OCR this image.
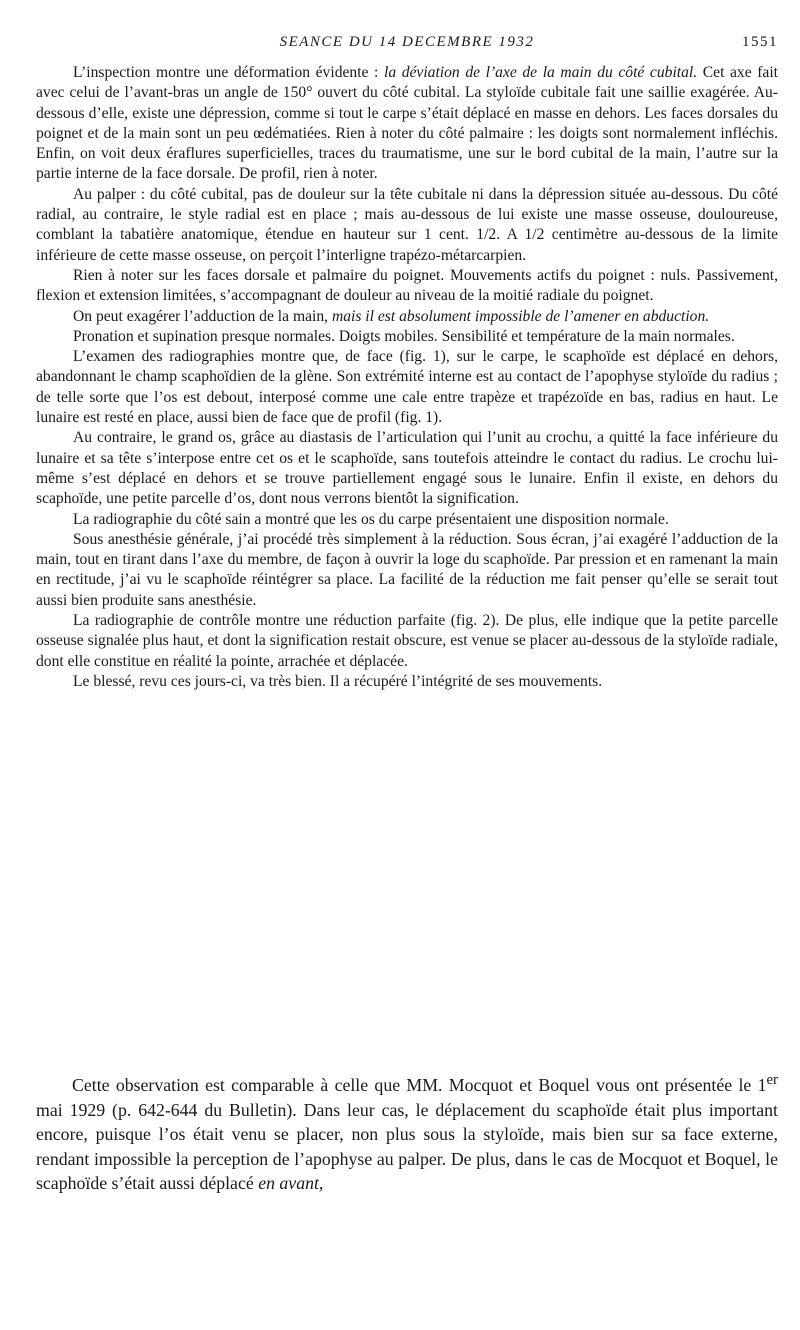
SEANCE DU 14 DECEMBRE 1932	1551

L’inspection montre une déformation évidente : la déviation de l’axe de la main du côté cubital. Cet axe fait avec celui de l’avant-bras un angle de 150° ouvert du côté cubital. La styloïde cubitale fait une saillie exagérée. Au-dessous d’elle, existe une dépression, comme si tout le carpe s’était déplacé en masse en dehors. Les faces dorsales du poignet et de la main sont un peu œdématiées. Rien à noter du côté palmaire : les doigts sont normalement infléchis. Enfin, on voit deux éraflures superficielles, traces du traumatisme, une sur le bord cubital de la main, l’autre sur la partie interne de la face dorsale. De profil, rien à noter.

Au palper : du côté cubital, pas de douleur sur la tête cubitale ni dans la dépression située au-dessous. Du côté radial, au contraire, le style radial est en place ; mais au-dessous de lui existe une masse osseuse, douloureuse, comblant la tabatière anatomique, étendue en hauteur sur 1 cent. 1/2. A 1/2 centimètre au-dessous de la limite inférieure de cette masse osseuse, on perçoit l’interligne trapézo-métarcarpien.

Rien à noter sur les faces dorsale et palmaire du poignet. Mouvements actifs du poignet : nuls. Passivement, flexion et extension limitées, s’accompagnant de douleur au niveau de la moitié radiale du poignet.

On peut exagérer l’adduction de la main, mais il est absolument impossible de l’amener en abduction.

Pronation et supination presque normales. Doigts mobiles. Sensibilité et température de la main normales.

L’examen des radiographies montre que, de face (fig. 1), sur le carpe, le scaphoïde est déplacé en dehors, abandonnant le champ scaphoïdien de la glène. Son extrémité interne est au contact de l’apophyse styloïde du radius ; de telle sorte que l’os est debout, interposé comme une cale entre trapèze et trapézoïde en bas, radius en haut. Le lunaire est resté en place, aussi bien de face que de profil (fig. 1).

Au contraire, le grand os, grâce au diastasis de l’articulation qui l’unit au crochu, a quitté la face inférieure du lunaire et sa tête s’interpose entre cet os et le scaphoïde, sans toutefois atteindre le contact du radius. Le crochu lui-même s’est déplacé en dehors et se trouve partiellement engagé sous le lunaire. Enfin il existe, en dehors du scaphoïde, une petite parcelle d’os, dont nous verrons bientôt la signification.

La radiographie du côté sain a montré que les os du carpe présentaient une disposition normale.

Sous anesthésie générale, j’ai procédé très simplement à la réduction. Sous écran, j’ai exagéré l’adduction de la main, tout en tirant dans l’axe du membre, de façon à ouvrir la loge du scaphoïde. Par pression et en ramenant la main en rectitude, j’ai vu le scaphoïde réintégrer sa place. La facilité de la réduction me fait penser qu’elle se serait tout aussi bien produite sans anesthésie.

La radiographie de contrôle montre une réduction parfaite (fig. 2). De plus, elle indique que la petite parcelle osseuse signalée plus haut, et dont la signification restait obscure, est venue se placer au-dessous de la styloïde radiale, dont elle constitue en réalité la pointe, arrachée et déplacée.

Le blessé, revu ces jours-ci, va très bien. Il a récupéré l’intégrité de ses mouvements.

Cette observation est comparable à celle que MM. Mocquot et Boquel vous ont présentée le 1er mai 1929 (p. 642-644 du Bulletin). Dans leur cas, le déplacement du scaphoïde était plus important encore, puisque l’os était venu se placer, non plus sous la styloïde, mais bien sur sa face externe, rendant impossible la perception de l’apophyse au palper. De plus, dans le cas de Mocquot et Boquel, le scaphoïde s’était aussi déplacé en avant,
